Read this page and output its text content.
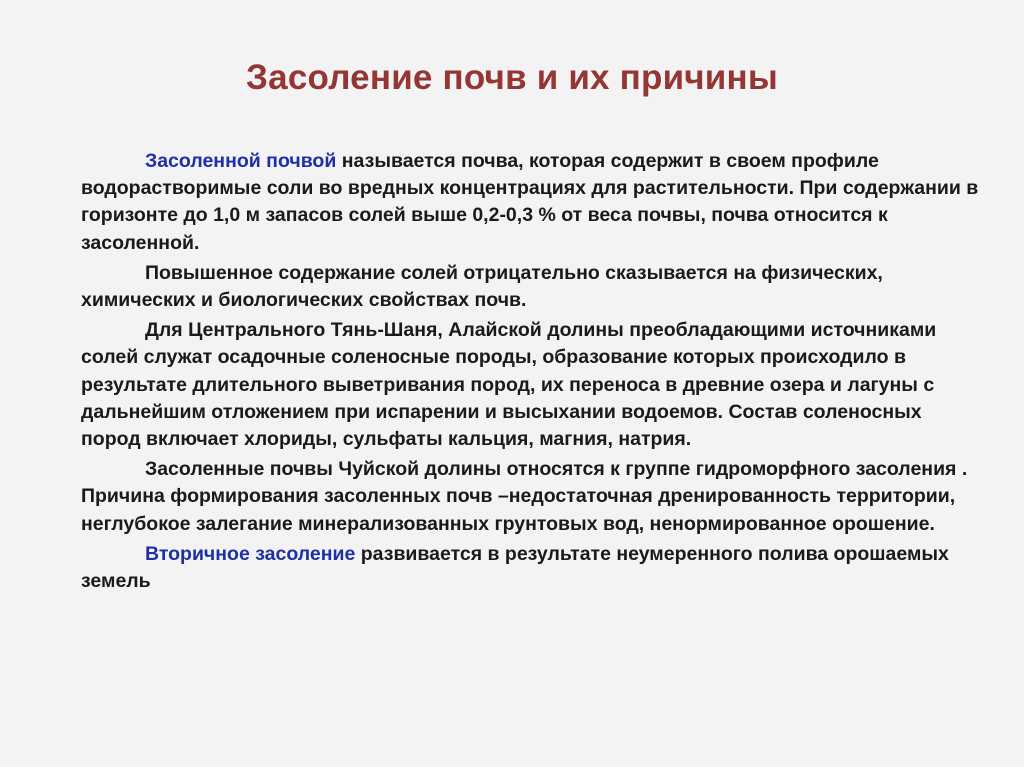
Засоление почв и их причины

Засоленной почвой называется почва, которая содержит в своем профиле водорастворимые соли во вредных концентрациях для растительности. При содержании в горизонте до 1,0 м запасов солей выше 0,2-0,3 % от веса почвы, почва относится к засоленной.

Повышенное содержание солей отрицательно сказывается на физических, химических и биологических свойствах почв.

Для Центрального Тянь-Шаня, Алайской долины преобладающими источниками солей служат осадочные соленосные породы, образование которых происходило в результате длительного выветривания пород, их переноса в древние озера и лагуны с дальнейшим отложением при испарении и высыхании водоемов. Состав соленосных пород включает хлориды, сульфаты кальция, магния, натрия.

Засоленные почвы Чуйской долины относятся к группе гидроморфного засоления . Причина формирования засоленных почв –недостаточная дренированность территории, неглубокое залегание минерализованных грунтовых вод, ненормированное орошение.

Вторичное засоление развивается в результате неумеренного полива орошаемых земель
